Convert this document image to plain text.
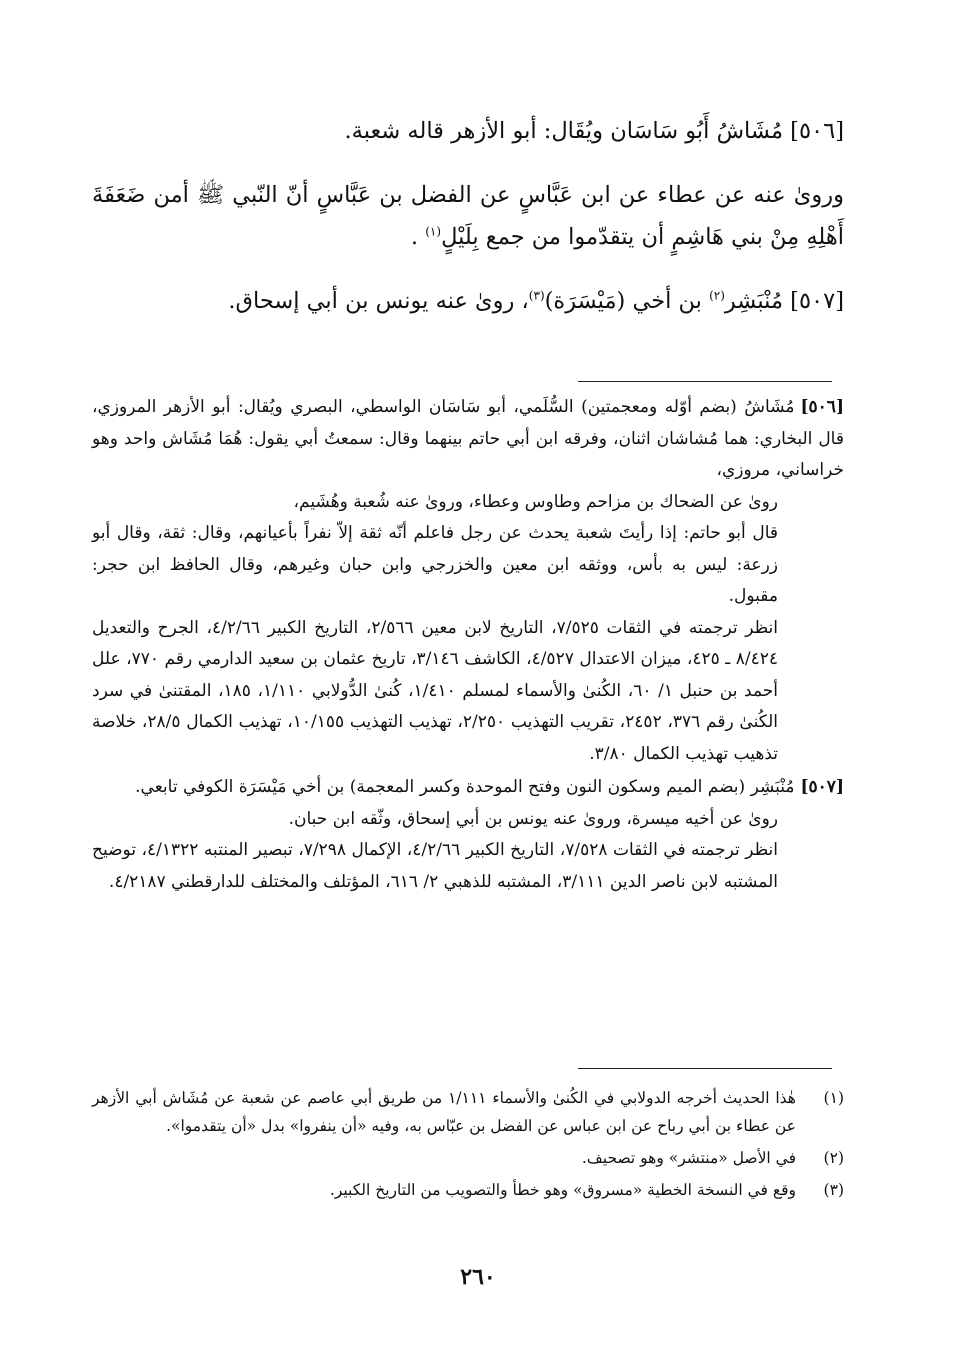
[٥٠٦] مُشَاشُ أَبُو سَاسَان ويُقَال: أبو الأزهر قاله شعبة.

وروىٰ عنه عن عطاء عن ابن عَبَّاسٍ عن الفضل بن عَبَّاسٍ أنّ النّبي ﷺ أمن ضَعَفَةَ أَهْلِهِ مِنْ بني هَاشِمٍ أن يتقدّموا من جمع بِلَيْلٍ$^{(١)}$ .

[٥٠٧] مُنْبَشِر$^{(٢)}$ بن أخي (مَيْسَرَة)$^{(٣)}$، روىٰ عنه يونس بن أبي إسحاق.

[٥٠٦]

مُشَاشُ (بضم أوّله ومعجمتين) السُّلَمي، أبو سَاسَان الواسطي، البصري ويُقال: أبو الأزهر المروزي، قال البخاري: هما مُشاشان اثنان، وفرقه ابن أبي حاتم بينهما وقال: سمعتُ أبي يقول: هُمَا مُشَاش واحد وهو خراساني، مروزي،

روىٰ عن الضحاك بن مزاحم وطاوس وعطاء، وروىٰ عنه شُعبة وهُشَيم،

قال أبو حاتم: إذا رأيتَ شعبة يحدث عن رجل فاعلم أنّه ثقة إلاّ نفراً بأعيانهم، وقال: ثقة، وقال أبو زرعة: ليس به بأس، ووثقه ابن معين والخزرجي وابن حبان وغيرهم، وقال الحافظ ابن حجر: مقبول.

انظر ترجمته في الثقات ٧/٥٢٥، التاريخ لابن معين ٢/٥٦٦، التاريخ الكبير ٤/٢/٦٦، الجرح والتعديل ٨/٤٢٤ ـ ٤٢٥، ميزان الاعتدال ٤/٥٢٧، الكاشف ٣/١٤٦، تاريخ عثمان بن سعيد الدارمي رقم ٧٧٠، علل أحمد بن حنبل ١/ ٦٠، الكُنىٰ والأسماء لمسلم ١/٤١٠، كُنىٰ الدُّولابي ١/١١٠، ١٨٥، المقتنىٰ في سرد الكُنىٰ رقم ٣٧٦، ٢٤٥٢، تقريب التهذيب ٢/٢٥٠، تهذيب التهذيب ١٠/١٥٥، تهذيب الكمال ٢٨/٥، خلاصة تذهيب تهذيب الكمال ٣/٨٠.

[٥٠٧]

مُنْبَشِر (بضم الميم وسكون النون وفتح الموحدة وكسر المعجمة) بن أخي مَيْسَرَة الكوفي تابعي.

روىٰ عن أخيه ميسرة، وروىٰ عنه يونس بن أبي إسحاق، وثّقه ابن حبان.

انظر ترجمته في الثقات ٧/٥٢٨، التاريخ الكبير ٤/٢/٦٦، الإكمال ٧/٢٩٨، تبصير المنتبه ٤/١٣٢٢، توضيح المشتبه لابن ناصر الدين ٣/١١١، المشتبه للذهبي ٢/ ٦١٦، المؤتلف والمختلف للدارقطني ٤/٢١٨٧.

(١)
هٰذا الحديث أخرجه الدولابي في الكُنىٰ والأسماء ١/١١١ من طريق أبي عاصم عن شعبة عن مُشَاش أبي الأزهر عن عطاء بن أبي رباح عن ابن عباس عن الفضل بن عبّاس به، وفيه «أن ينفروا» بدل «أن يتقدموا».
(٢)
في الأصل «منتشر» وهو تصحيف.
(٣)
وقع في النسخة الخطية «مسروق» وهو خطأ والتصويب من التاريخ الكبير.
٢٦٠
